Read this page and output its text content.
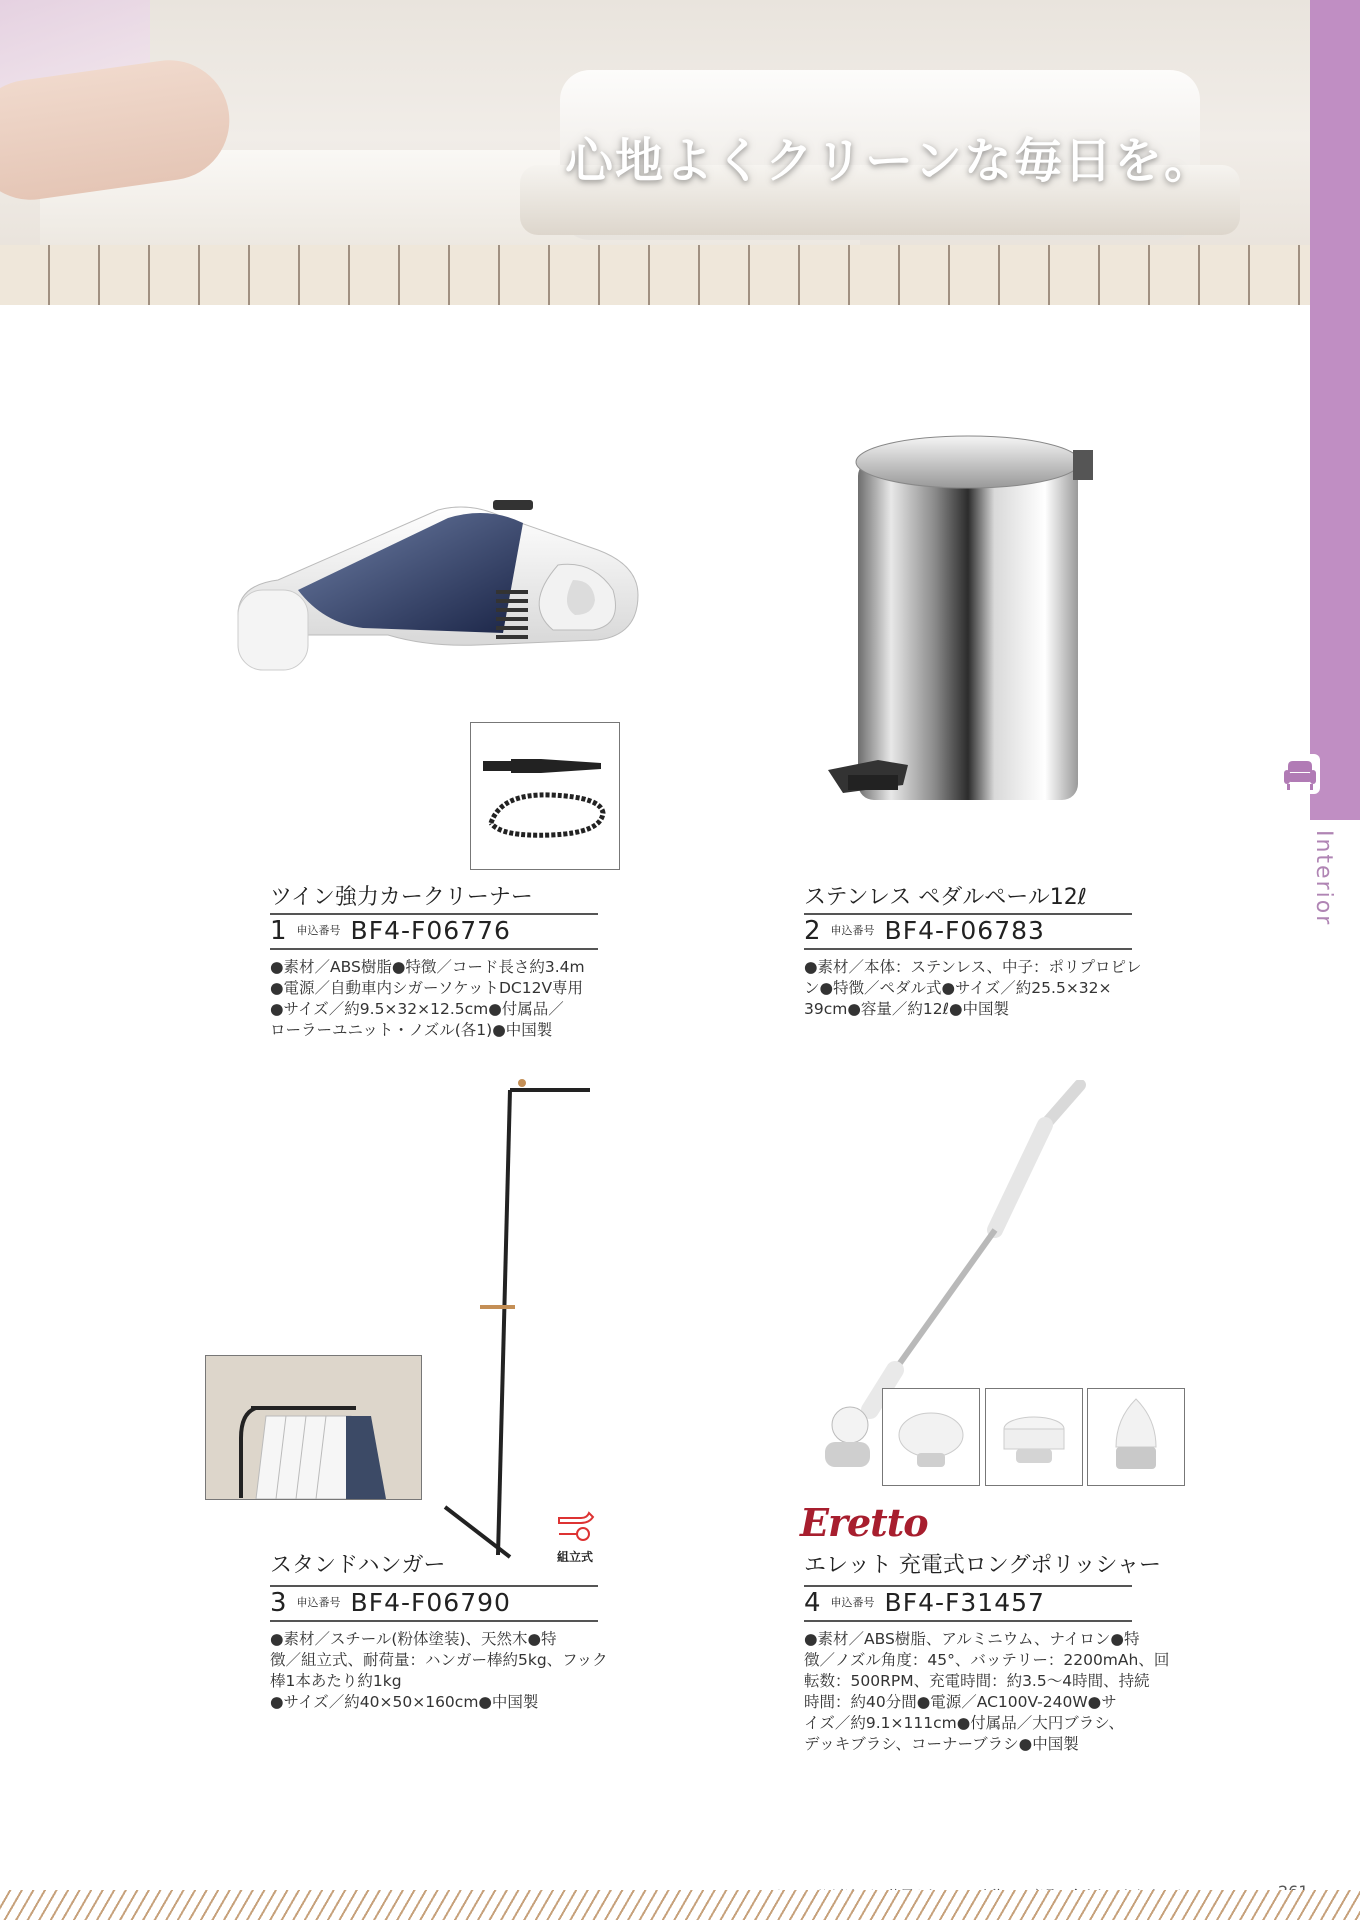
心地よくクリーンな毎日を。
Interior
ツイン強力カークリーナー
1 $^{申込番号}$ BF4-F06776
●素材／ABS樹脂●特徴／コード長さ約3.4m
●電源／自動車内シガーソケットDC12V専用
●サイズ／約9.5×32×12.5cm●付属品／
ローラーユニット・ノズル(各1)●中国製
ステンレス ペダルペール12ℓ
2 $^{申込番号}$ BF4-F06783
●素材／本体：ステンレス、中子：ポリプロピレ
ン●特徴／ペダル式●サイズ／約25.5×32×
39cm●容量／約12ℓ●中国製
組立式
スタンドハンガー
3 $^{申込番号}$ BF4-F06790
●素材／スチール(粉体塗装)、天然木●特
徴／組立式、耐荷量：ハンガー棒約5kg、フック
棒1本あたり約1kg
●サイズ／約40×50×160cm●中国製
Eretto
エレット 充電式ロングポリッシャー
4 $^{申込番号}$ BF4-F31457
●素材／ABS樹脂、アルミニウム、ナイロン●特
徴／ノズル角度：45°、バッテリー：2200mAh、回
転数：500RPM、充電時間：約3.5～4時間、持続
時間：約40分間●電源／AC100V-240W●サ
イズ／約9.1×111cm●付属品／大円ブラシ、
デッキブラシ、コーナーブラシ●中国製
